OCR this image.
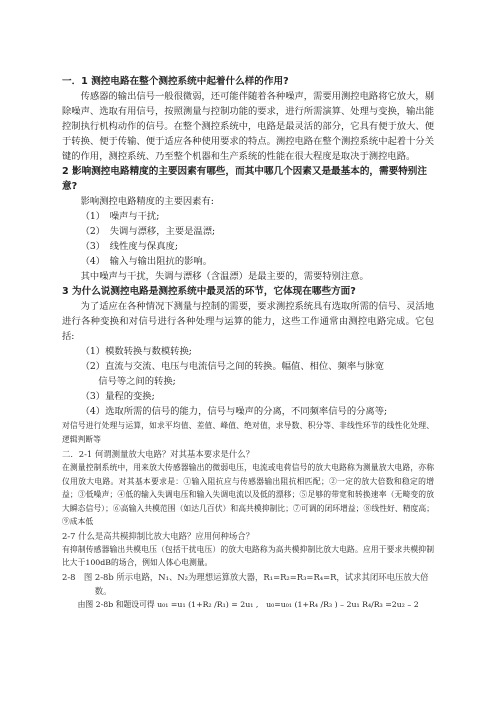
一．1 测控电路在整个测控系统中起着什么样的作用?

传感器的输出信号一般很微弱，还可能伴随着各种噪声，需要用测控电路将它放大，剔除噪声、选取有用信号，按照测量与控制功能的要求，进行所需演算、处理与变换，输出能控制执行机构动作的信号。在整个测控系统中，电路是最灵活的部分，它具有便于放大、便于转换、便于传输、便于适应各种使用要求的特点。测控电路在整个测控系统中起着十分关键的作用，测控系统、乃至整个机器和生产系统的性能在很大程度是取决于测控电路。

2 影响测控电路精度的主要因素有哪些，而其中哪几个因素又是最基本的，需要特别注意?

影响测控电路精度的主要因素有:

（1）　噪声与干扰;

（2）　失调与漂移，主要是温漂;

（3）　线性度与保真度;

（4）　输入与输出阻抗的影响。

其中噪声与干扰，失调与漂移（含温漂）是最主要的，需要特别注意。

3 为什么说测控电路是测控系统中最灵活的环节，它体现在哪些方面?

为了适应在各种情况下测量与控制的需要，要求测控系统具有选取所需的信号、灵活地进行各种变换和对信号进行各种处理与运算的能力，这些工作通常由测控电路完成。它包括:

（1）模数转换与数模转换;

（2）直流与交流、电压与电流信号之间的转换。幅值、相位、频率与脉宽

信号等之间的转换;

（3）量程的变换;

（4）选取所需的信号的能力，信号与噪声的分离，不同频率信号的分离等;

对信号进行处理与运算，如求平均值、差值、峰值、绝对值，求导数、积分等、非线性环节的线性化处理、逻辑判断等

二．2-1 何谓测量放大电路？对其基本要求是什么？

在测量控制系统中，用来放大传感器输出的微弱电压，电流或电荷信号的放大电路称为测量放大电路，亦称仪用放大电路。对其基本要求是：①输入阻抗应与传感器输出阻抗相匹配；②一定的放大倍数和稳定的增益；③低噪声；④低的输入失调电压和输入失调电流以及低的漂移；⑤足够的带宽和转换速率（无畸变的放大瞬态信号）；⑥高输入共模范围（如达几百伏）和高共模抑制比；⑦可调的闭环增益；⑧线性好、精度高；⑨成本低

2-7 什么是高共模抑制比放大电路？应用何种场合？

有抑制传感器输出共模电压（包括干扰电压）的放大电路称为高共模抑制比放大电路。应用于要求共模抑制比大于100dB的场合，例如人体心电测量。

2-8　图 2-8b 所示电路，N₁、N₂为理想运算放大器，R₁=R₂=R₃=R₄=R，试求其闭环电压放大倍

数。

由图 2-8b 和题设可得 u₀₁ =u₁ (1+R₂ /R₁) = 2u₁ ,　u₀=u₀₁ (1+R₄ /R₃ ) – 2u₁ R₄/R₃ =2u₂ – 2
